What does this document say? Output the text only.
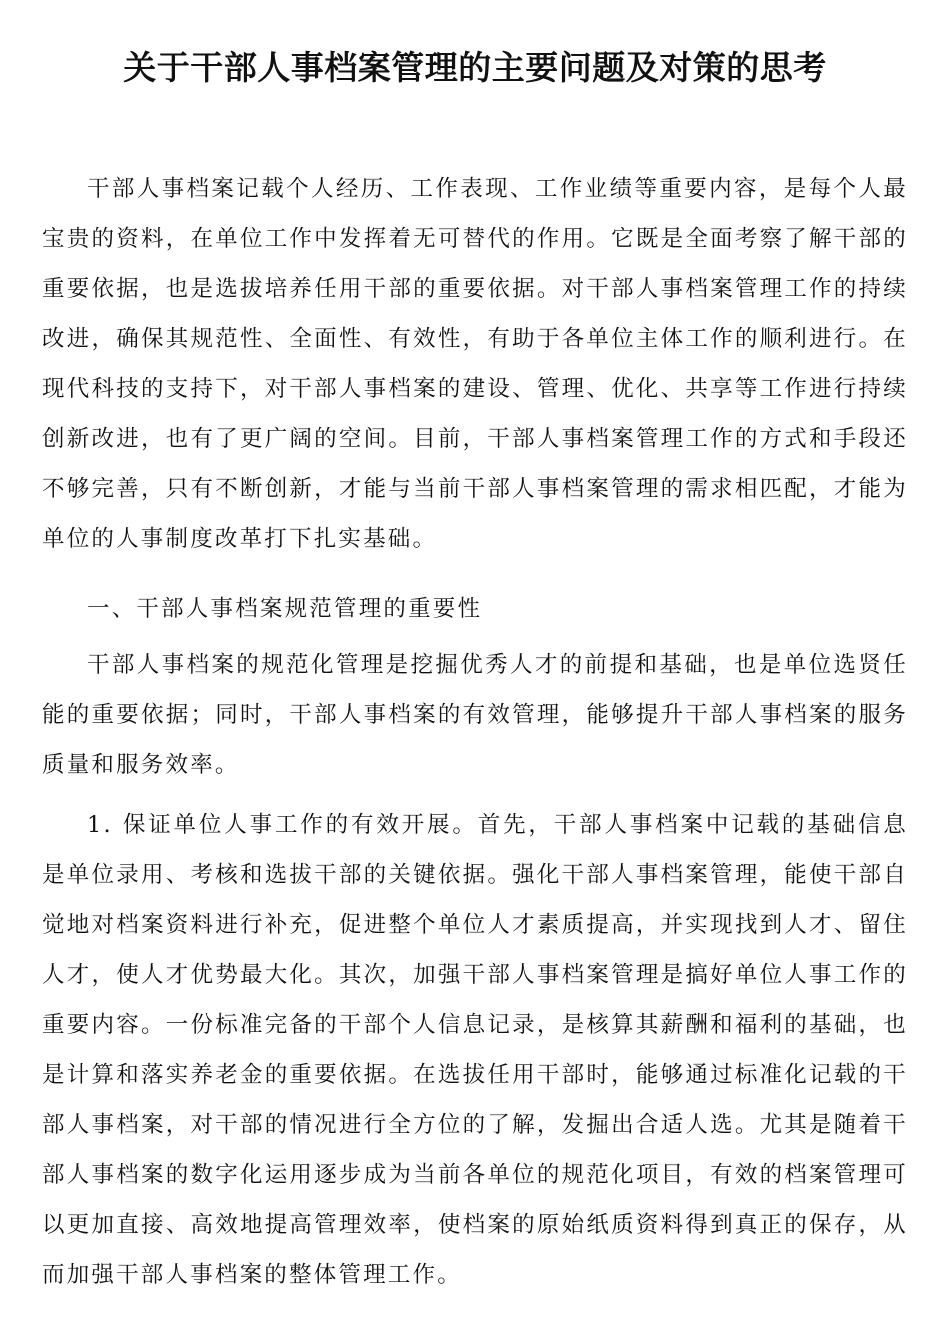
关于干部人事档案管理的主要问题及对策的思考

干部人事档案记载个人经历、工作表现、工作业绩等重要内容，是每个人最宝贵的资料，在单位工作中发挥着无可替代的作用。它既是全面考察了解干部的重要依据，也是选拔培养任用干部的重要依据。对干部人事档案管理工作的持续改进，确保其规范性、全面性、有效性，有助于各单位主体工作的顺利进行。在现代科技的支持下，对干部人事档案的建设、管理、优化、共享等工作进行持续创新改进，也有了更广阔的空间。目前，干部人事档案管理工作的方式和手段还不够完善，只有不断创新，才能与当前干部人事档案管理的需求相匹配，才能为单位的人事制度改革打下扎实基础。

一、干部人事档案规范管理的重要性

干部人事档案的规范化管理是挖掘优秀人才的前提和基础，也是单位选贤任能的重要依据；同时，干部人事档案的有效管理，能够提升干部人事档案的服务质量和服务效率。

1. 保证单位人事工作的有效开展。首先，干部人事档案中记载的基础信息是单位录用、考核和选拔干部的关键依据。强化干部人事档案管理，能使干部自觉地对档案资料进行补充，促进整个单位人才素质提高，并实现找到人才、留住人才，使人才优势最大化。其次，加强干部人事档案管理是搞好单位人事工作的重要内容。一份标准完备的干部个人信息记录，是核算其薪酬和福利的基础，也是计算和落实养老金的重要依据。在选拔任用干部时，能够通过标准化记载的干部人事档案，对干部的情况进行全方位的了解，发掘出合适人选。尤其是随着干部人事档案的数字化运用逐步成为当前各单位的规范化项目，有效的档案管理可以更加直接、高效地提高管理效率，使档案的原始纸质资料得到真正的保存，从而加强干部人事档案的整体管理工作。
